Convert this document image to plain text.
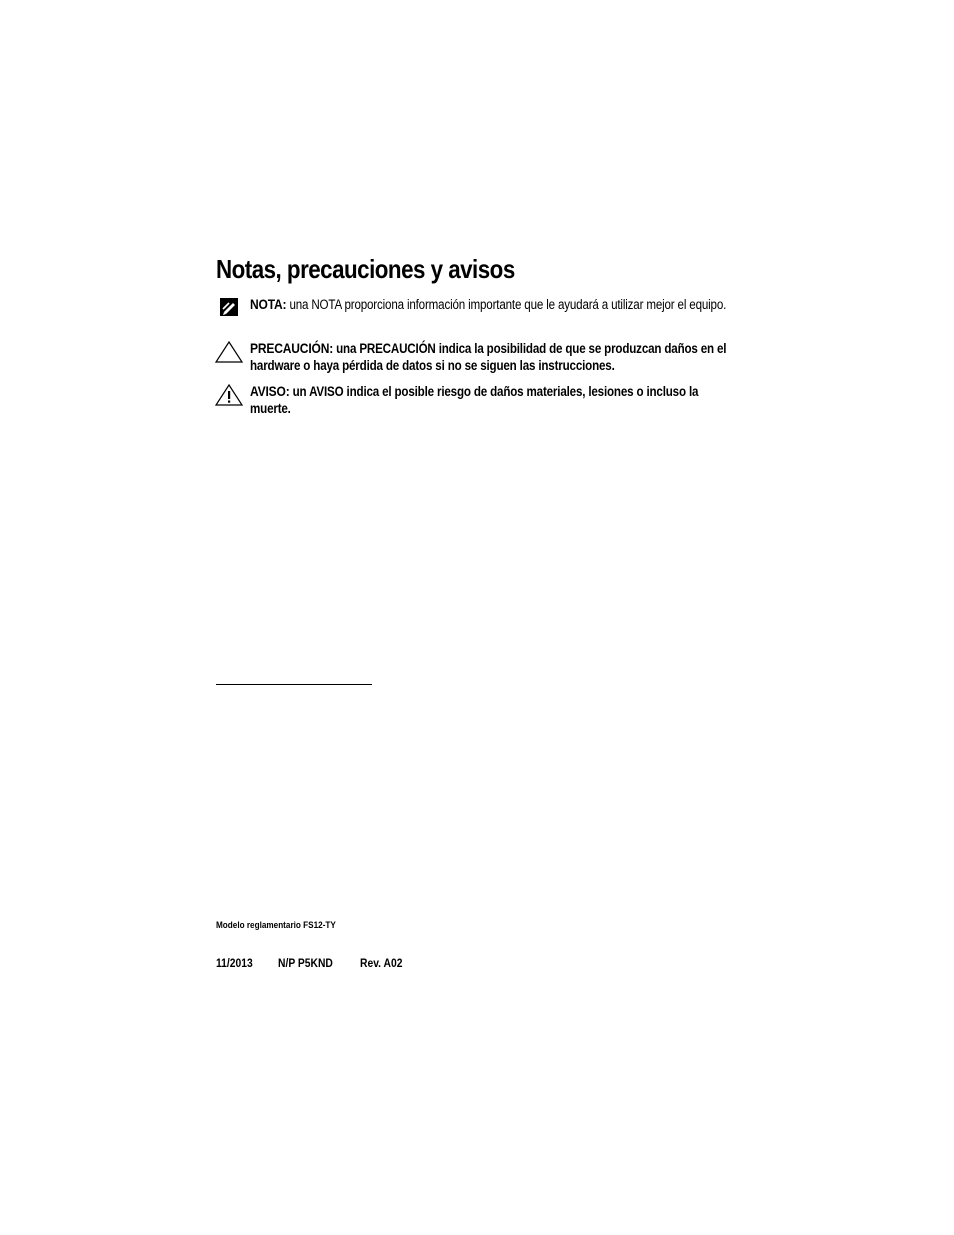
Notas, precauciones y avisos
NOTA: una NOTA proporciona información importante que le ayudará a utilizar mejor el equipo.
PRECAUCIÓN: una PRECAUCIÓN indica la posibilidad de que se produzcan daños en el hardware o haya pérdida de datos si no se siguen las instrucciones.
AVISO: un AVISO indica el posible riesgo de daños materiales, lesiones o incluso la muerte.
Modelo reglamentario FS12-TY
11/2013 N/P P5KND Rev. A02
